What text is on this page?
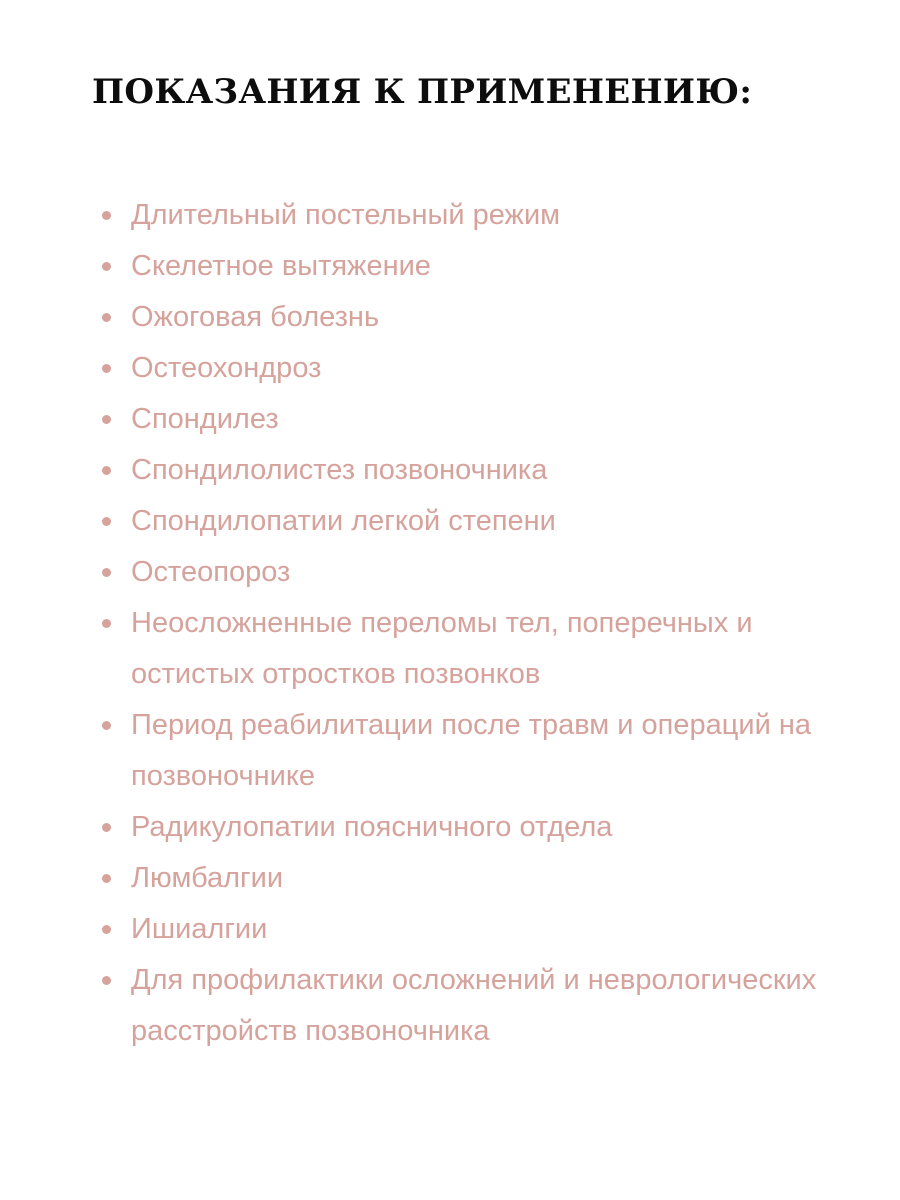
ПОКАЗАНИЯ К ПРИМЕНЕНИЮ:
Длительный постельный режим
Скелетное вытяжение
Ожоговая болезнь
Остеохондроз
Спондилез
Спондилолистез позвоночника
Спондилопатии легкой степени
Остеопороз
Неосложненные переломы тел, поперечных и остистых отростков позвонков
Период реабилитации после травм и операций на позвоночнике
Радикулопатии поясничного отдела
Люмбалгии
Ишиалгии
Для профилактики осложнений и неврологических расстройств позвоночника
